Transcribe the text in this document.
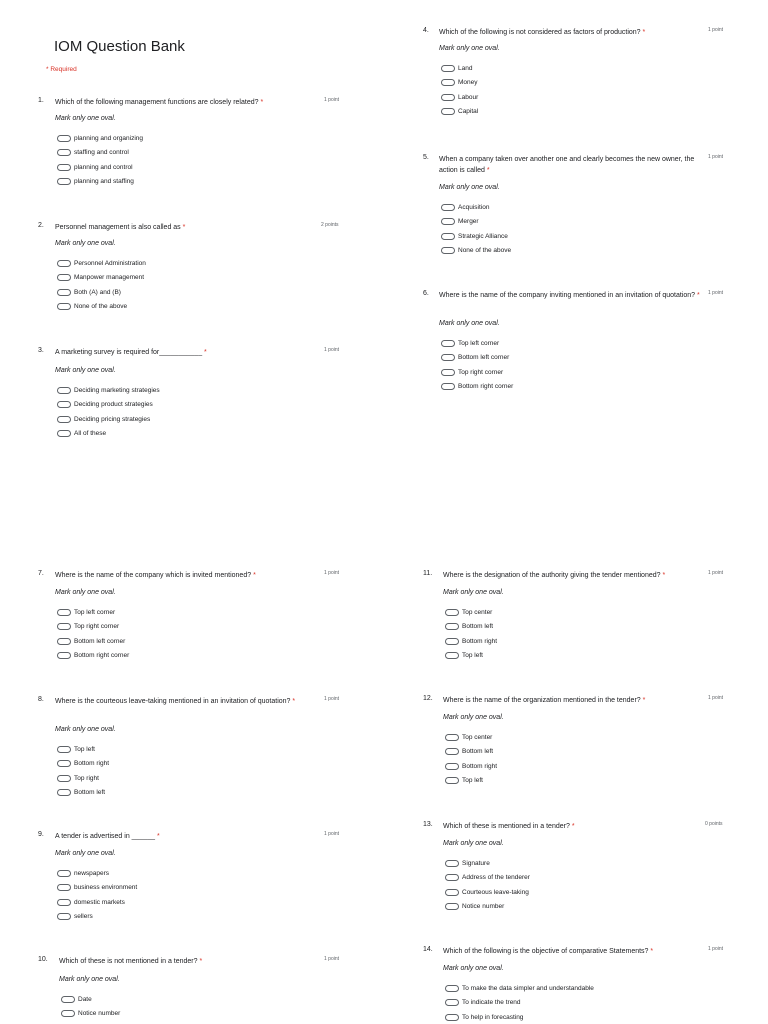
IOM Question Bank
* Required
1. Which of the following management functions are closely related? *	1 point
Mark only one oval.
planning and organizing
staffing and control
planning and control
planning and staffing
2. Personnel management is also called as *	2 points
Mark only one oval.
Personnel Administration
Manpower management
Both (A) and (B)
None of the above
3. A marketing survey is required for___________ *	1 point
Mark only one oval.
Deciding marketing strategies
Deciding product strategies
Deciding pricing strategies
All of these
4. Which of the following is not considered as factors of production? *	1 point
Mark only one oval.
Land
Money
Labour
Capital
5. When a company taken over another one and clearly becomes the new owner, the action is called *
1 point
Mark only one oval.
Acquisition
Merger
Strategic Alliance
None of the above
6. Where is the name of the company inviting mentioned in an invitation of quotation? * 1 point
Mark only one oval.
Top left corner
Bottom left corner
Top right corner
Bottom right corner
7. Where is the name of the company which is invited mentioned? *	1 point
Mark only one oval.
Top left corner
Top right corner
Bottom left corner
Bottom right corner
8. Where is the courteous leave-taking mentioned in an invitation of quotation? *	1 point
Mark only one oval.
Top left
Bottom right
Top right
Bottom left
9. A tender is advertised in ______ *	1 point
Mark only one oval.
newspapers
business environment
domestic markets
sellers
10. Which of these is not mentioned in a tender? *	1 point
Mark only one oval.
Date
Notice number
11. Where is the designation of the authority giving the tender mentioned? *	1 point
Mark only one oval.
Top center
Bottom left
Bottom right
Top left
12. Where is the name of the organization mentioned in the tender? *	1 point
Mark only one oval.
Top center
Bottom left
Bottom right
Top left
13. Which of these is mentioned in a tender? *	0 points
Mark only one oval.
Signature
Address of the tenderer
Courteous leave-taking
Notice number
14. Which of the following is the objective of comparative Statements? *	1 point
Mark only one oval.
To make the data simpler and understandable
To indicate the trend
To help in forecasting
